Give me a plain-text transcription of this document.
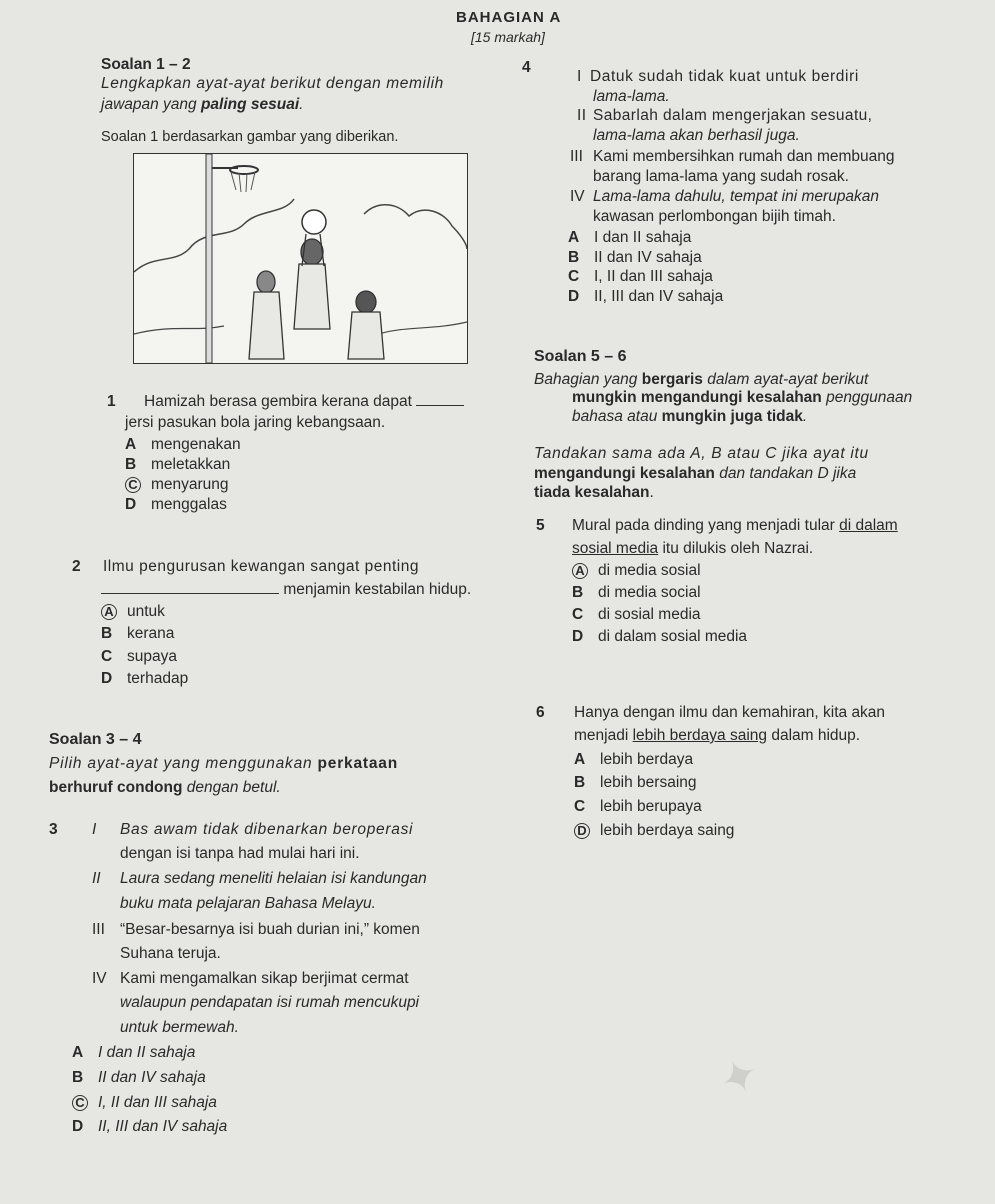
✦
BAHAGIAN A
[15 markah]
Soalan 1 – 2
Lengkapkan ayat-ayat berikut dengan memilih
jawapan yang paling sesuai.
Soalan 1 berdasarkan gambar yang diberikan.
1 Hamizah berasa gembira kerana dapat
jersi pasukan bola jaring kebangsaan.
A mengenakan
B meletakkan
C menyarung
D menggalas
2 Ilmu pengurusan kewangan sangat penting
menjamin kestabilan hidup.
A untuk
B kerana
C supaya
D terhadap
Soalan 3 – 4
Pilih ayat-ayat yang menggunakan perkataan
berhuruf condong dengan betul.
3 I Bas awam tidak dibenarkan beroperasi
dengan isi tanpa had mulai hari ini.
II Laura sedang meneliti helaian isi kandungan
buku mata pelajaran Bahasa Melayu.
III “Besar-besarnya isi buah durian ini,” komen
Suhana teruja.
IV Kami mengamalkan sikap berjimat cermat
walaupun pendapatan isi rumah mencukupi
untuk bermewah.
A I dan II sahaja
B II dan IV sahaja
C I, II dan III sahaja
D II, III dan IV sahaja
4
I Datuk sudah tidak kuat untuk berdiri
lama-lama.
II Sabarlah dalam mengerjakan sesuatu,
lama-lama akan berhasil juga.
III Kami membersihkan rumah dan membuang
barang lama-lama yang sudah rosak.
IV Lama-lama dahulu, tempat ini merupakan
kawasan perlombongan bijih timah.
A I dan II sahaja
B II dan IV sahaja
C I, II dan III sahaja
D II, III dan IV sahaja
Soalan 5 – 6
Bahagian yang bergaris dalam ayat-ayat berikut
mungkin mengandungi kesalahan penggunaan
bahasa atau mungkin juga tidak.
Tandakan sama ada A, B atau C jika ayat itu
mengandungi kesalahan dan tandakan D jika
tiada kesalahan.
5 Mural pada dinding yang menjadi tular di dalam
sosial media itu dilukis oleh Nazrai.
A di media sosial
B di media social
C di sosial media
D di dalam sosial media
6 Hanya dengan ilmu dan kemahiran, kita akan
menjadi lebih berdaya saing dalam hidup.
A lebih berdaya
B lebih bersaing
C lebih berupaya
D lebih berdaya saing
